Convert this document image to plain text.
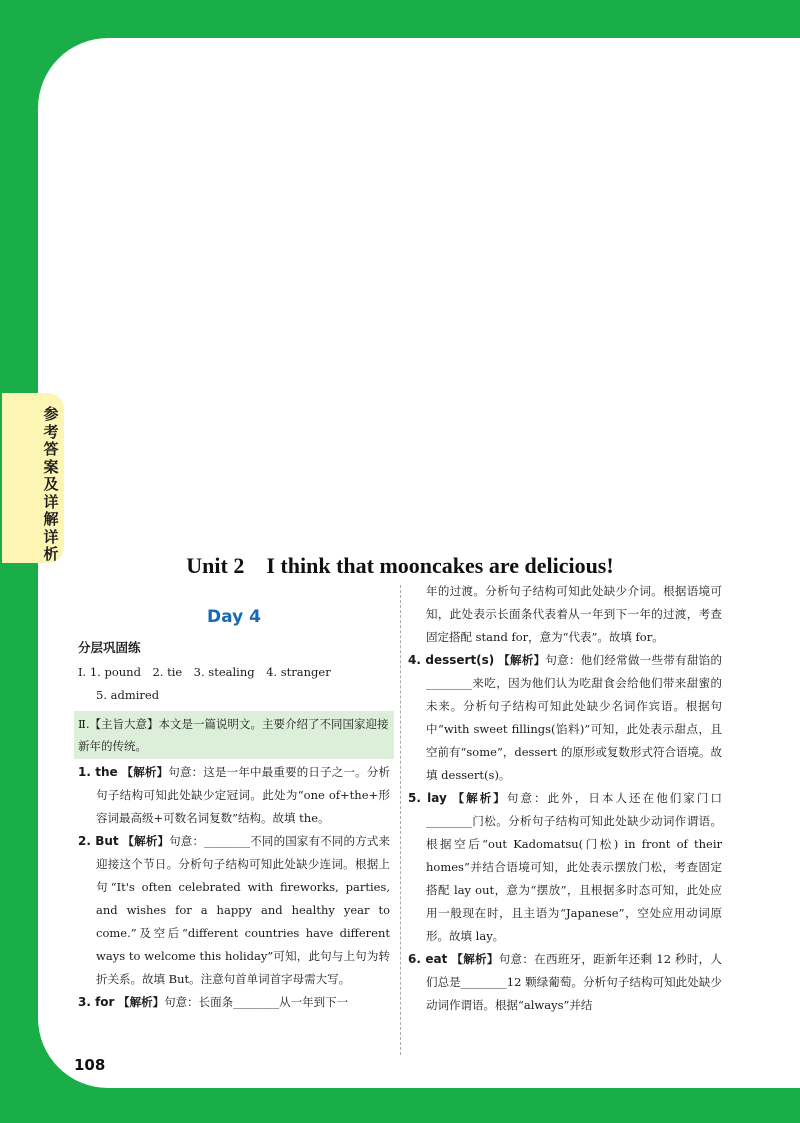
参考答案及详解详析	Unit 2　I think that mooncakes are delicious!
Day 4
分层巩固练
Ⅰ. 1. pound　2. tie　3. stealing　4. stranger
5. admired
Ⅱ.【主旨大意】本文是一篇说明文。主要介绍了不同国家迎接新年的传统。

1. the 【解析】句意：这是一年中最重要的日子之一。分析句子结构可知此处缺少定冠词。此处为“one of+the+形容词最高级+可数名词复数”结构。故填 the。

2. But 【解析】句意：________不同的国家有不同的方式来迎接这个节日。分析句子结构可知此处缺少连词。根据上句“It's often celebrated with fireworks, parties, and wishes for a happy and healthy year to come.”及空后“different countries have different ways to welcome this holiday”可知，此句与上句为转折关系。故填 But。注意句首单词首字母需大写。

3. for 【解析】句意：长面条________从一年到下一

年的过渡。分析句子结构可知此处缺少介词。根据语境可知，此处表示长面条代表着从一年到下一年的过渡，考查固定搭配 stand for，意为“代表”。故填 for。

4. dessert(s) 【解析】句意：他们经常做一些带有甜馅的________来吃，因为他们认为吃甜食会给他们带来甜蜜的未来。分析句子结构可知此处缺少名词作宾语。根据句中“with sweet fillings(馅料)”可知，此处表示甜点，且空前有“some”，dessert 的原形或复数形式符合语境。故填 dessert(s)。

5. lay 【解析】句意：此外，日本人还在他们家门口________门松。分析句子结构可知此处缺少动词作谓语。根据空后“out Kadomatsu(门松) in front of their homes”并结合语境可知，此处表示摆放门松，考查固定搭配 lay out，意为“摆放”，且根据多时态可知，此处应用一般现在时，且主语为“Japanese”，空处应用动词原形。故填 lay。

6. eat 【解析】句意：在西班牙，距新年还剩 12 秒时，人们总是________12 颗绿葡萄。分析句子结构可知此处缺少动词作谓语。根据“always”并结

108
